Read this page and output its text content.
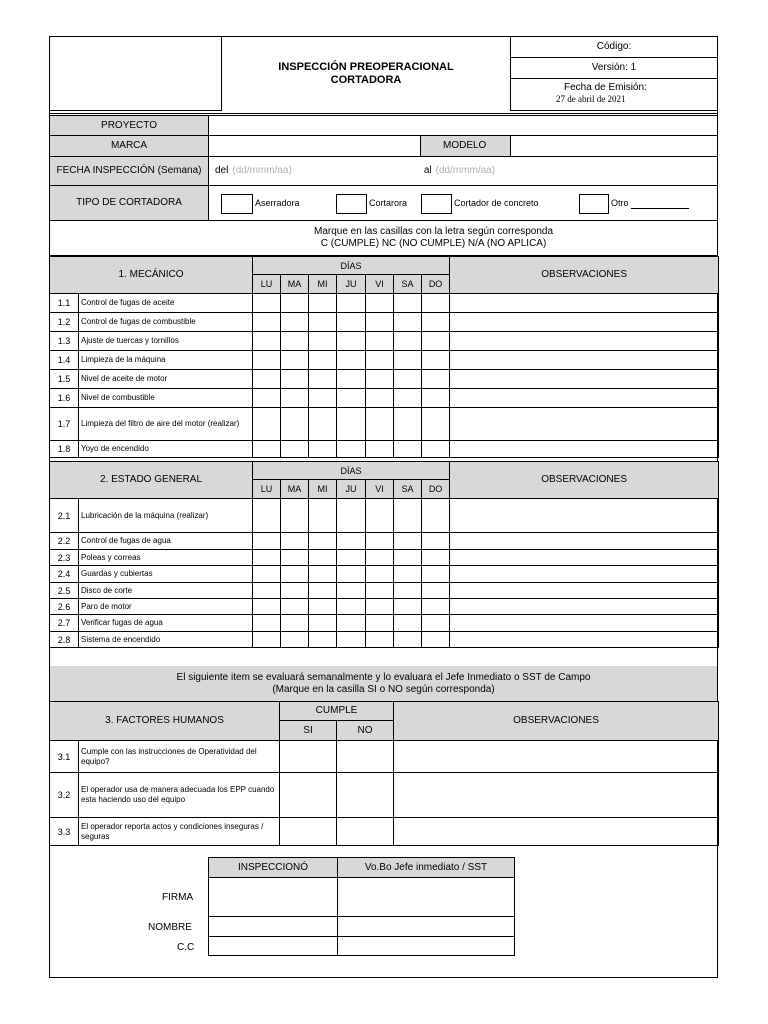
INSPECCIÓN PREOPERACIONAL
CORTADORA
Código:
Versión: 1
Fecha de Emisión:
27 de abril de 2021
PROYECTO
MARCA	MODELO
FECHA INSPECCIÓN (Semana) del (dd/mmm/aa)	al (dd/mmm/aa)
TIPO DE CORTADORA	Aserradora	Cortarora	Cortador de concreto	Otro
Marque en las casillas con la letra según corresponda
C (CUMPLE) NC (NO CUMPLE) N/A (NO APLICA)
1. MECÁNICO		DÍAS							OBSERVACIONES
		LU	MA	MI	JU	VI	SA	DO	
1.1	Control de fugas de aceite								
1.2	Control de fugas de combustible								
1.3	Ajuste de tuercas y tornillos								
1.4	Limpieza de la máquina								
1.5	Nivel de aceite de motor								
1.6	Nivel de combustible								
1.7	Limpieza del filtro de aire del motor (realizar)								
1.8	Yoyo de encendido								
2. ESTADO GENERAL		DÍAS							OBSERVACIONES
		LU	MA	MI	JU	VI	SA	DO	
2.1	Lubricación de la máquina (realizar)								
2.2	Control de fugas de agua								
2.3	Poleas y correas								
2.4	Guardas y cubiertas								
2.5	Disco de corte								
2.6	Paro de motor								
2.7	Verificar fugas de agua								
2.8	Sistema de encendido								
El siguiente item se evaluará semanalmente y lo evaluara el Jefe Inmediato o SST de Campo
(Marque en la casilla SI o NO según corresponda)
3. FACTORES HUMANOS		CUMPLE		OBSERVACIONES
		SI	NO	
3.1	Cumple con las instrucciones de Operatividad del equipo?			
3.2	El operador usa de manera adecuada los EPP cuando esta haciendo uso del equipo			
3.3	El operador reporta actos y condiciones inseguras / seguras			
INSPECCIONÓ	Vo.Bo Jefe inmediato / SST

FIRMA
NOMBRE
C.C
